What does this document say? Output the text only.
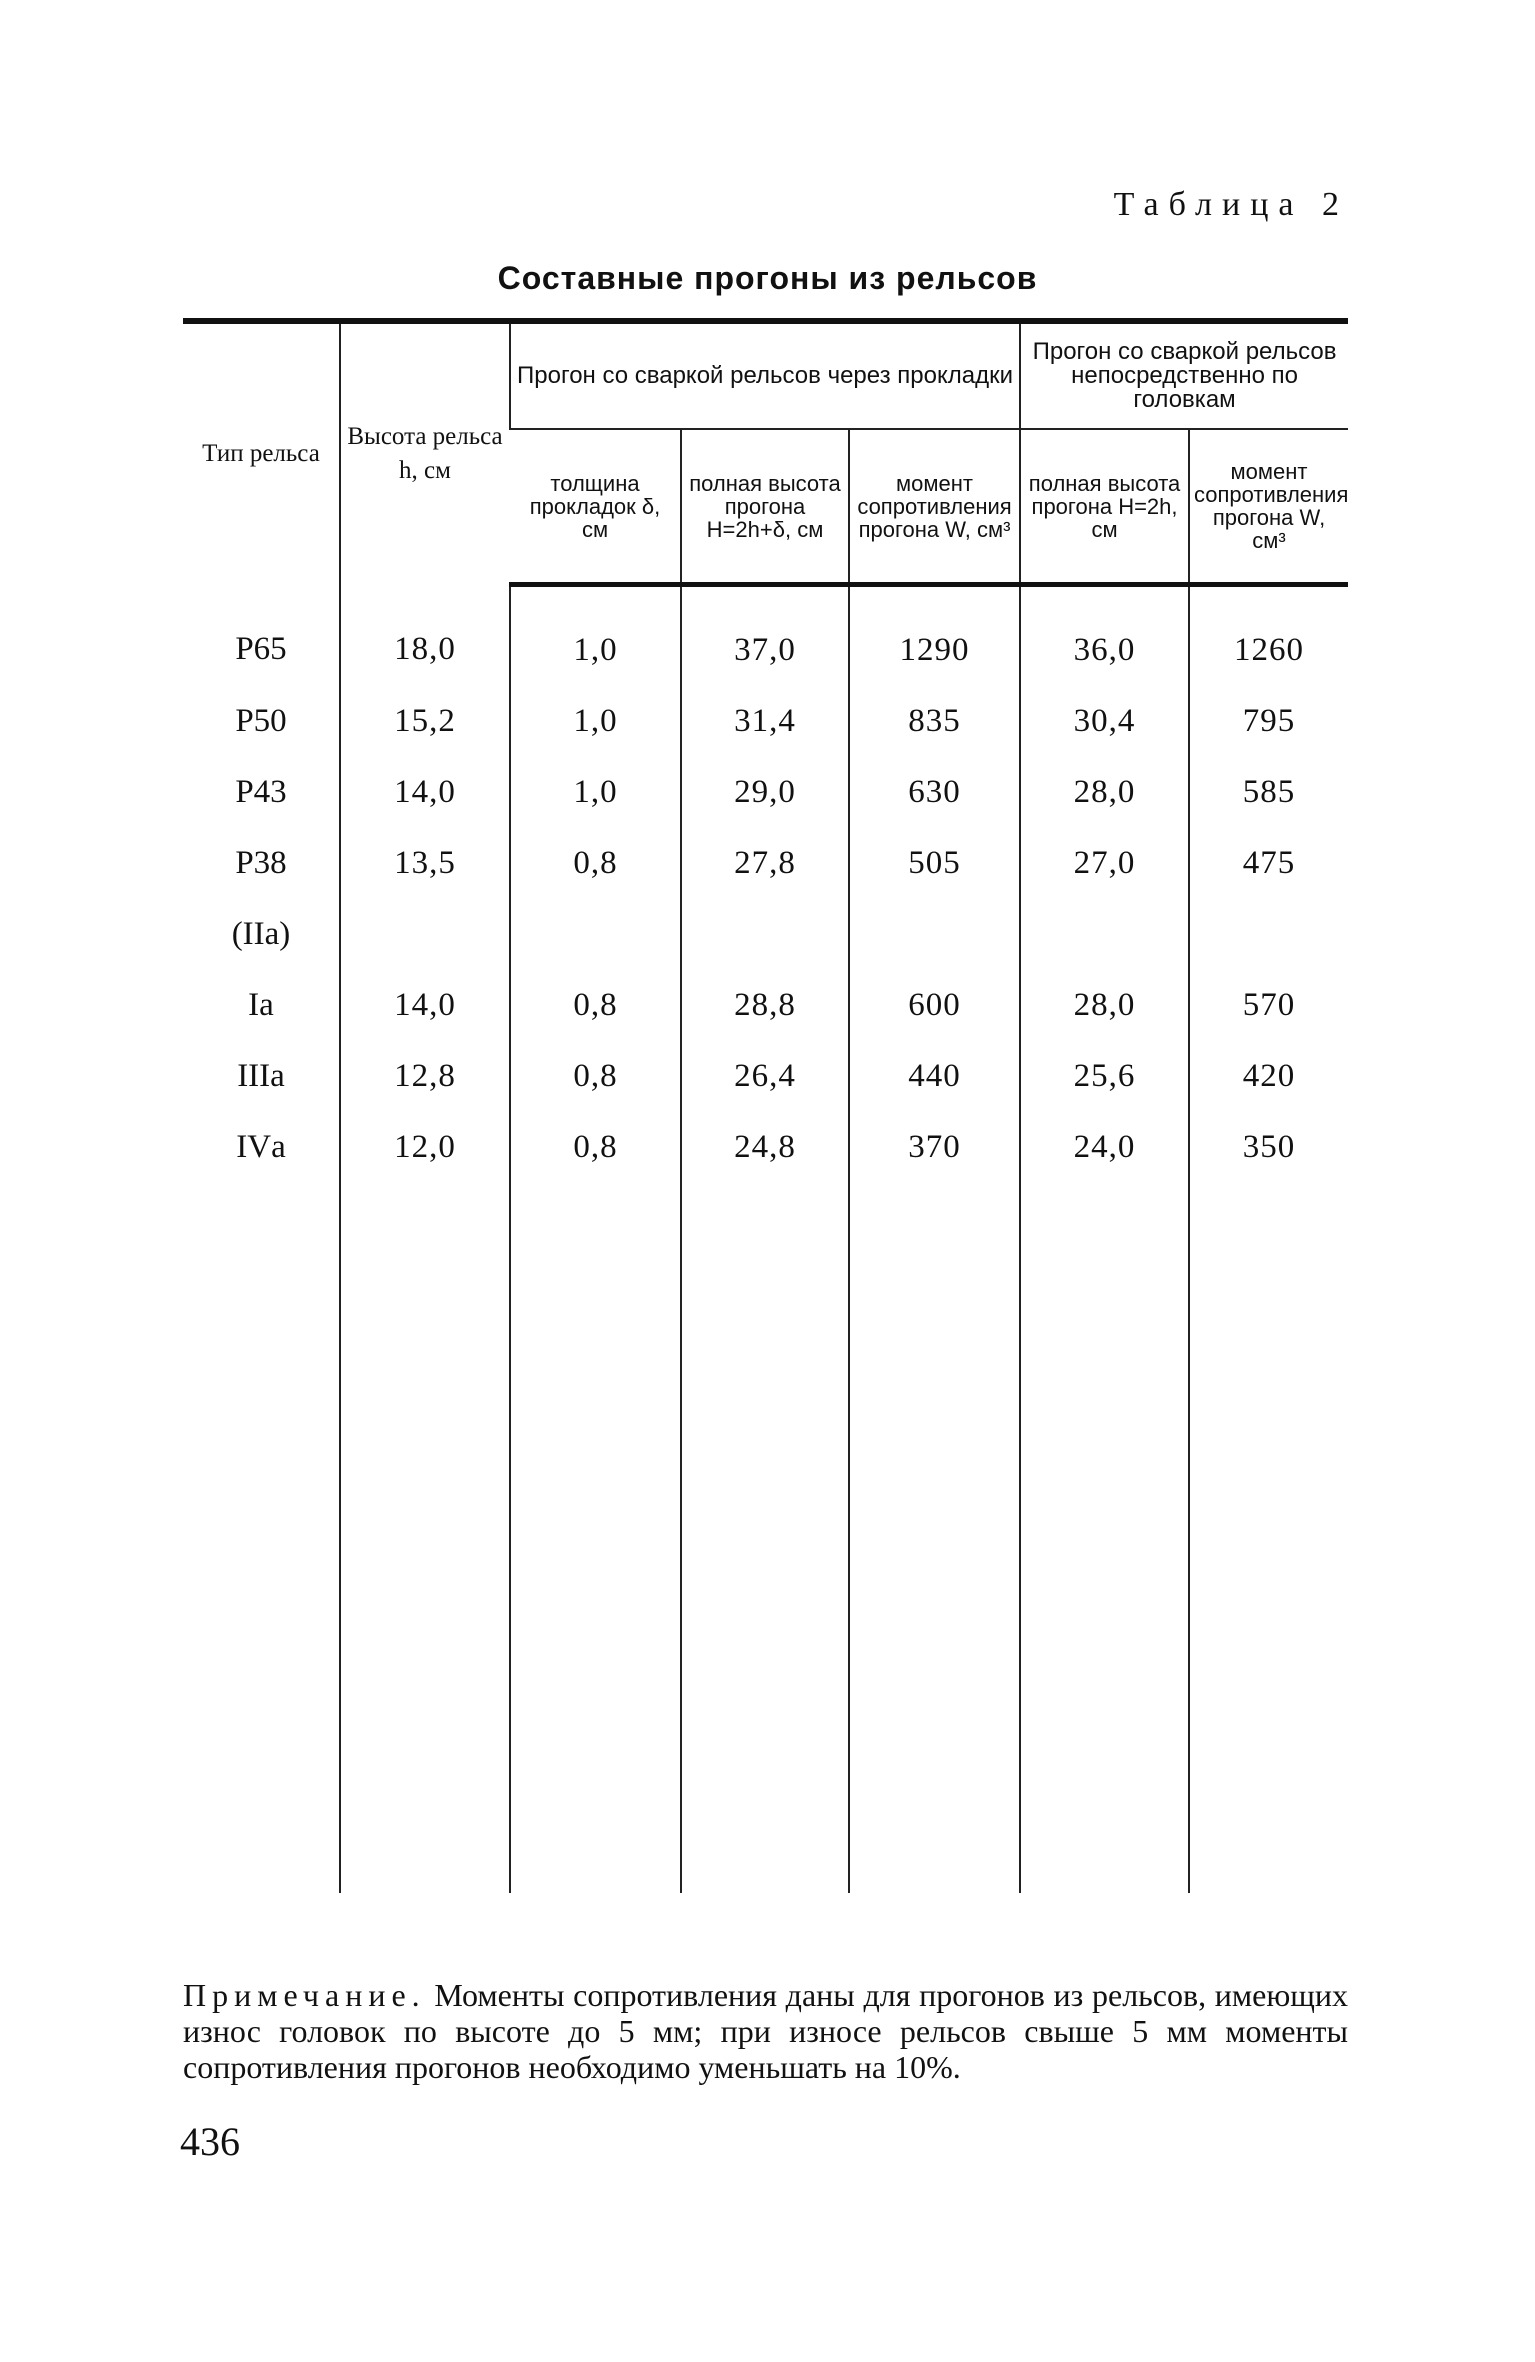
Таблица 2
Составные прогоны из рельсов
Тип рельса	Высота рельса h, см	Прогон со сваркой рельсов через прокладки			Прогон со сваркой рельсов непосредственно по головкам	
		толщина прокладок δ, см	полная высота прогона H=2h+δ, см	момент сопротивления прогона W, см³	полная высота прогона H=2h, см	момент сопротивления прогона W, см³
Р65	18,0	1,0	37,0	1290	36,0	1260
Р50	15,2	1,0	31,4	835	30,4	795
Р43	14,0	1,0	29,0	630	28,0	585
Р38	13,5	0,8	27,8	505	27,0	475
(IIа)						
Iа	14,0	0,8	28,8	600	28,0	570
IIIа	12,8	0,8	26,4	440	25,6	420
IVа	12,0	0,8	24,8	370	24,0	350

Примечание. Моменты сопротивления даны для прогонов из рельсов, имеющих износ головок по высоте до 5 мм; при износе рельсов свыше 5 мм моменты сопротивления прогонов необходимо уменьшать на 10%.

436
